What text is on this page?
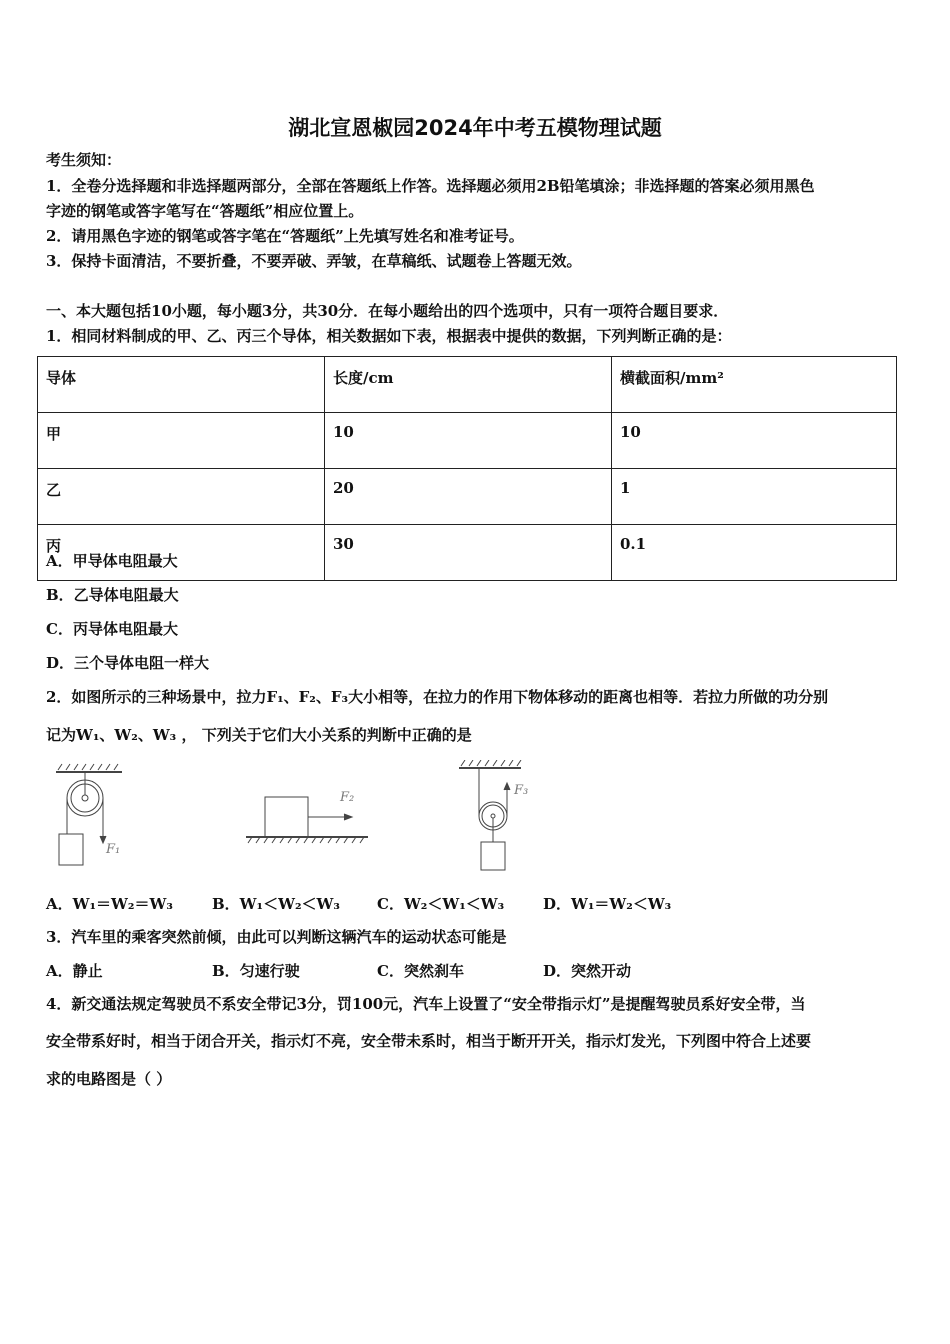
湖北宣恩椒园2024年中考五模物理试题
考生须知：
1．全卷分选择题和非选择题两部分，全部在答题纸上作答。选择题必须用2B铅笔填涂；非选择题的答案必须用黑色
字迹的钢笔或答字笔写在“答题纸”相应位置上。
2．请用黑色字迹的钢笔或答字笔在“答题纸”上先填写姓名和准考证号。
3．保持卡面清洁，不要折叠，不要弄破、弄皱，在草稿纸、试题卷上答题无效。
一、本大题包括10小题，每小题3分，共30分．在每小题给出的四个选项中，只有一项符合题目要求．
1．相同材料制成的甲、乙、丙三个导体，相关数据如下表，根据表中提供的数据，下列判断正确的是：
导体	长度/cm	横截面积/mm²
甲	10	10
乙	20	1
丙	30	0.1
A．甲导体电阻最大
B．乙导体电阻最大
C．丙导体电阻最大
D．三个导体电阻一样大
2．如图所示的三种场景中，拉力F₁、F₂、F₃大小相等，在拉力的作用下物体移动的距离也相等．若拉力所做的功分别
记为W₁、W₂、W₃ ， 下列关于它们大小关系的判断中正确的是
F₁
F₂	F₃
A．W₁＝W₂＝W₃	B．W₁＜W₂＜W₃ C．W₂＜W₁＜W₃	D．W₁＝W₂＜W₃
3．汽车里的乘客突然前倾，由此可以判断这辆汽车的运动状态可能是
A．静止	B．匀速行驶	C．突然刹车	D．突然开动
4．新交通法规定驾驶员不系安全带记3分，罚100元，汽车上设置了“安全带指示灯”是提醒驾驶员系好安全带，当
安全带系好时，相当于闭合开关，指示灯不亮，安全带未系时，相当于断开开关，指示灯发光，下列图中符合上述要
求的电路图是（ ）
